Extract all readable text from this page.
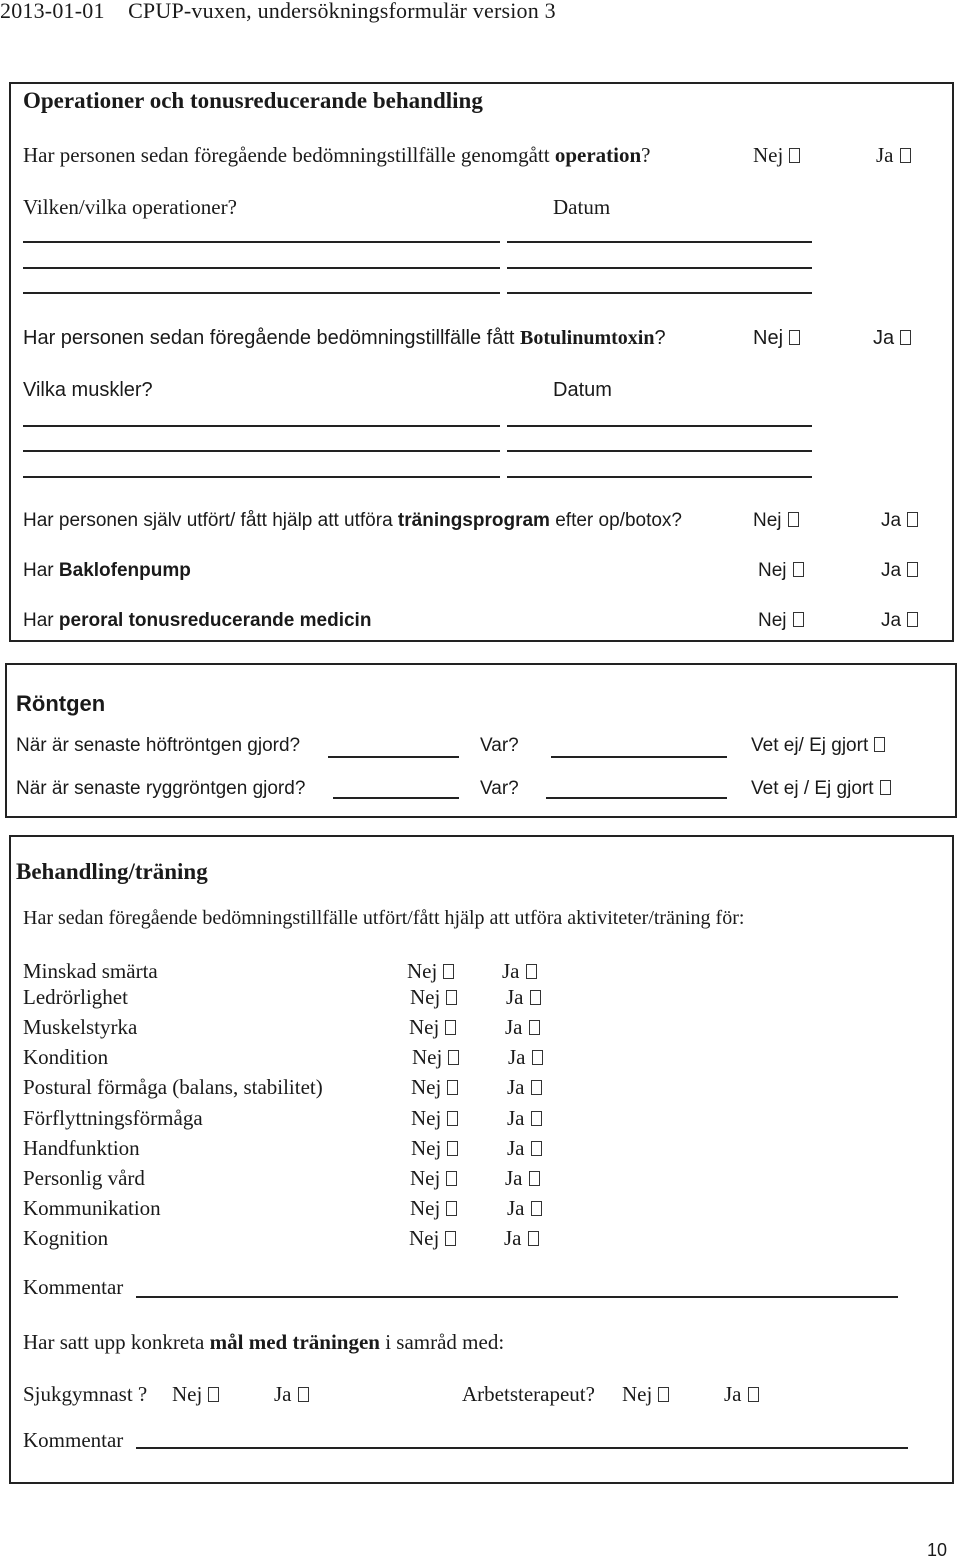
2013-01-01 CPUP-vuxen, undersökningsformulär version 3
Operationer och tonusreducerande behandling
Har personen sedan föregående bedömningstillfälle genomgått operation?	Nej	Ja
Vilken/vilka operationer?	Datum
Har personen sedan föregående bedömningstillfälle fått Botulinumtoxin?	Nej	Ja
Vilka muskler?	Datum
Har personen själv utfört/ fått hjälp att utföra träningsprogram efter op/botox?	Nej	Ja
Har Baklofenpump	Nej	Ja
Har peroral tonusreducerande medicin	Nej	Ja
Röntgen
När är senaste höftröntgen gjord?	Var?	Vet ej/ Ej gjort
När är senaste ryggröntgen gjord?	Var?	Vet ej / Ej gjort
Behandling/träning
Har sedan föregående bedömningstillfälle utfört/fått hjälp att utföra aktiviteter/träning för:
Minskad smärta	Nej	Ja
Ledrörlighet	Nej	Ja
Muskelstyrka	Nej	Ja
Kondition	Nej	Ja
Postural förmåga (balans, stabilitet)	Nej	Ja
Förflyttningsförmåga	Nej	Ja
Handfunktion	Nej	Ja
Personlig vård	Nej	Ja
Kommunikation	Nej	Ja
Kognition	Nej	Ja
Kommentar
Har satt upp konkreta mål med träningen i samråd med:
Sjukgymnast ? Nej	Ja	Arbetsterapeut? Nej	Ja
Kommentar
10
